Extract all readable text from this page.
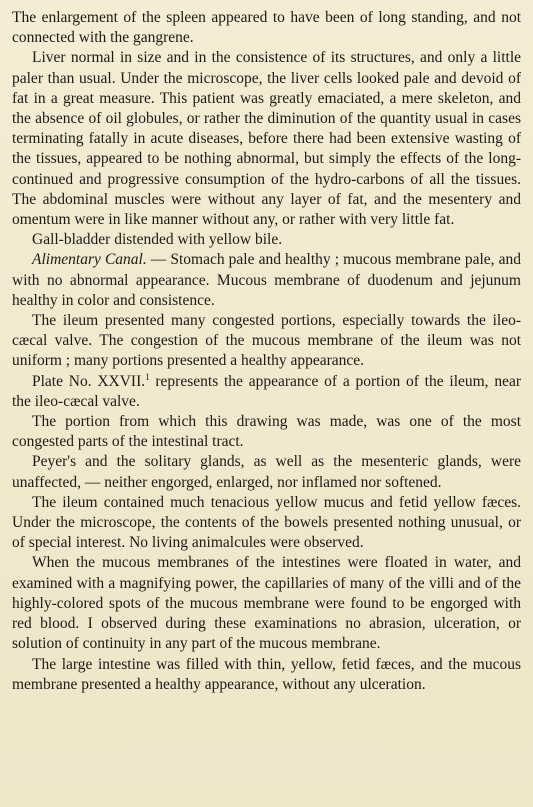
The enlargement of the spleen appeared to have been of long standing, and not connected with the gangrene.

Liver normal in size and in the consistence of its structures, and only a little paler than usual. Under the microscope, the liver cells looked pale and devoid of fat in a great measure. This patient was greatly emaciated, a mere skeleton, and the absence of oil globules, or rather the diminution of the quantity usual in cases terminating fatally in acute diseases, before there had been extensive wasting of the tissues, appeared to be nothing abnormal, but simply the effects of the long-continued and progressive consumption of the hydro-carbons of all the tissues. The abdominal muscles were without any layer of fat, and the mesentery and omentum were in like manner without any, or rather with very little fat.

Gall-bladder distended with yellow bile.

Alimentary Canal. — Stomach pale and healthy ; mucous membrane pale, and with no abnormal appearance. Mucous membrane of duodenum and jejunum healthy in color and consistence.

The ileum presented many congested portions, especially towards the ileo-cæcal valve. The congestion of the mucous membrane of the ileum was not uniform ; many portions presented a healthy appearance.

Plate No. XXVII.$^1$ represents the appearance of a portion of the ileum, near the ileo-cæcal valve.

The portion from which this drawing was made, was one of the most congested parts of the intestinal tract.

Peyer's and the solitary glands, as well as the mesenteric glands, were unaffected, — neither engorged, enlarged, nor inflamed nor softened.

The ileum contained much tenacious yellow mucus and fetid yellow fæces. Under the microscope, the contents of the bowels presented nothing unusual, or of special interest. No living animalcules were observed.

When the mucous membranes of the intestines were floated in water, and examined with a magnifying power, the capillaries of many of the villi and of the highly-colored spots of the mucous membrane were found to be engorged with red blood. I observed during these examinations no abrasion, ulceration, or solution of continuity in any part of the mucous membrane.

The large intestine was filled with thin, yellow, fetid fæces, and the mucous membrane presented a healthy appearance, without any ulceration.
